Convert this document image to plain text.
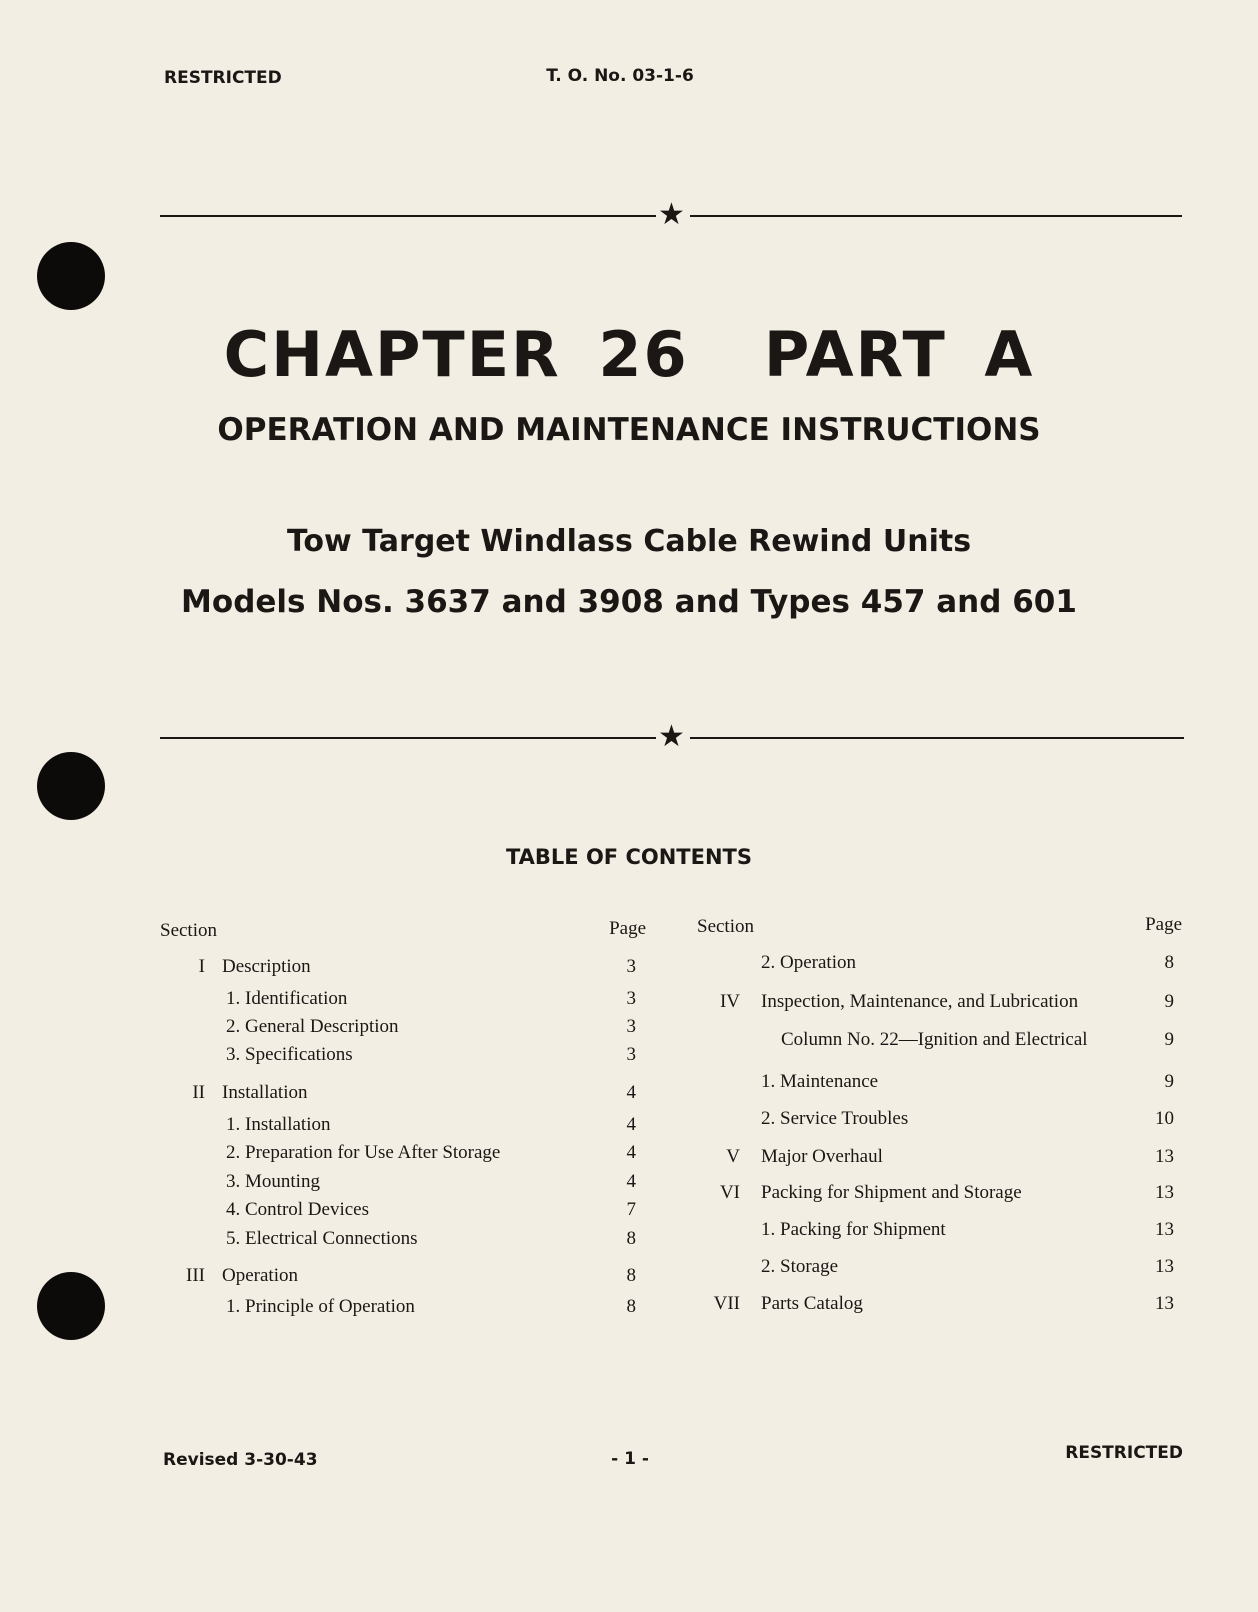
RESTRICTED	T. O. No. 03-1-6
★
CHAPTER 26  PART A
OPERATION AND MAINTENANCE INSTRUCTIONS
Tow Target Windlass Cable Rewind Units
Models Nos. 3637 and 3908 and Types 457 and 601
★
TABLE OF CONTENTS
Section	Page	Section	Page
I Description	3
1. Identification	3
2. General Description	3
3. Specifications	3
II Installation	4
1. Installation	4
2. Preparation for Use After Storage	4
3. Mounting	4
4. Control Devices	7
5. Electrical Connections	8
III Operation	8
1. Principle of Operation	8
2. Operation	8
IV Inspection, Maintenance, and Lubrication	9
Column No. 22—Ignition and Electrical	9
1. Maintenance	9
2. Service Troubles	10
V Major Overhaul	13
VI Packing for Shipment and Storage	13
1. Packing for Shipment	13
2. Storage	13
VII Parts Catalog	13
Revised 3-30-43	- 1 -	RESTRICTED
